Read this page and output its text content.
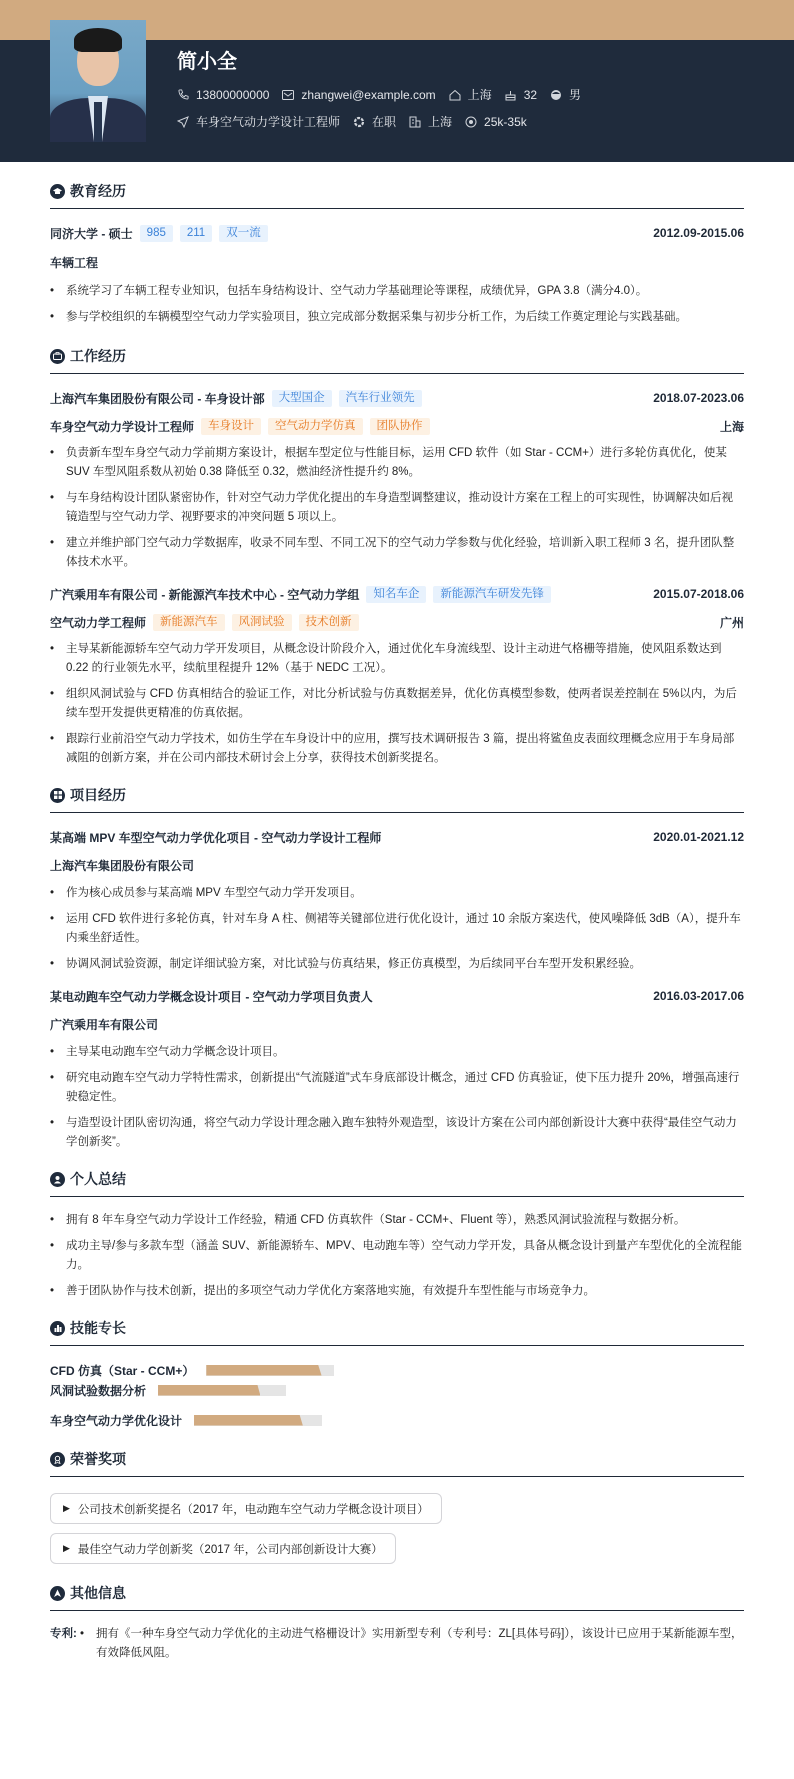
简小全
13800000000	zhangwei@example.com	上海	32	男
车身空气动力学设计工程师	在职	上海	25k-35k
教育经历
同济大学 - 硕士	985	211	双一流	2012.09-2015.06
车辆工程
• 系统学习了车辆工程专业知识，包括车身结构设计、空气动力学基础理论等课程，成绩优异，GPA 3.8（满分4.0）。
• 参与学校组织的车辆模型空气动力学实验项目，独立完成部分数据采集与初步分析工作，为后续工作奠定理论与实践基础。
工作经历
上海汽车集团股份有限公司 - 车身设计部	大型国企	汽车行业领先	2018.07-2023.06
车身空气动力学设计工程师	车身设计	空气动力学仿真	团队协作	上海
• 负责新车型车身空气动力学前期方案设计，根据车型定位与性能目标，运用 CFD 软件（如 Star - CCM+）进行多轮仿真优化，使某 SUV 车型风阻系数从初始 0.38 降低至 0.32，燃油经济性提升约 8%。
• 与车身结构设计团队紧密协作，针对空气动力学优化提出的车身造型调整建议，推动设计方案在工程上的可实现性，协调解决如后视镜造型与空气动力学、视野要求的冲突问题 5 项以上。
• 建立并维护部门空气动力学数据库，收录不同车型、不同工况下的空气动力学参数与优化经验，培训新入职工程师 3 名，提升团队整体技术水平。
广汽乘用车有限公司 - 新能源汽车技术中心 - 空气动力学组	知名车企	新能源汽车研发先锋	2015.07-2018.06
空气动力学工程师	新能源汽车	风洞试验	技术创新	广州
• 主导某新能源轿车空气动力学开发项目，从概念设计阶段介入，通过优化车身流线型、设计主动进气格栅等措施，使风阻系数达到 0.22 的行业领先水平，续航里程提升 12%（基于 NEDC 工况）。
• 组织风洞试验与 CFD 仿真相结合的验证工作，对比分析试验与仿真数据差异，优化仿真模型参数，使两者误差控制在 5%以内，为后续车型开发提供更精准的仿真依据。
• 跟踪行业前沿空气动力学技术，如仿生学在车身设计中的应用，撰写技术调研报告 3 篇，提出将鲨鱼皮表面纹理概念应用于车身局部减阻的创新方案，并在公司内部技术研讨会上分享，获得技术创新奖提名。
项目经历
某高端 MPV 车型空气动力学优化项目 - 空气动力学设计工程师	2020.01-2021.12
上海汽车集团股份有限公司
• 作为核心成员参与某高端 MPV 车型空气动力学开发项目。
• 运用 CFD 软件进行多轮仿真，针对车身 A 柱、侧裙等关键部位进行优化设计，通过 10 余版方案迭代，使风噪降低 3dB（A），提升车内乘坐舒适性。
• 协调风洞试验资源，制定详细试验方案，对比试验与仿真结果，修正仿真模型，为后续同平台车型开发积累经验。
某电动跑车空气动力学概念设计项目 - 空气动力学项目负责人	2016.03-2017.06
广汽乘用车有限公司
• 主导某电动跑车空气动力学概念设计项目。
• 研究电动跑车空气动力学特性需求，创新提出“气流隧道”式车身底部设计概念，通过 CFD 仿真验证，使下压力提升 20%，增强高速行驶稳定性。
• 与造型设计团队密切沟通，将空气动力学设计理念融入跑车独特外观造型，该设计方案在公司内部创新设计大赛中获得“最佳空气动力学创新奖”。
个人总结
• 拥有 8 年车身空气动力学设计工作经验，精通 CFD 仿真软件（Star - CCM+、Fluent 等），熟悉风洞试验流程与数据分析。
• 成功主导/参与多款车型（涵盖 SUV、新能源轿车、MPV、电动跑车等）空气动力学开发，具备从概念设计到量产车型优化的全流程能力。
• 善于团队协作与技术创新，提出的多项空气动力学优化方案落地实施，有效提升车型性能与市场竞争力。
技能专长
CFD 仿真（Star - CCM+）
风洞试验数据分析
车身空气动力学优化设计
荣誉奖项
▶ 公司技术创新奖提名（2017 年，电动跑车空气动力学概念设计项目）
▶ 最佳空气动力学创新奖（2017 年，公司内部创新设计大赛）
其他信息
专利: • 拥有《一种车身空气动力学优化的主动进气格栅设计》实用新型专利（专利号：ZL[具体号码]），该设计已应用于某新能源车型，有效降低风阻。
